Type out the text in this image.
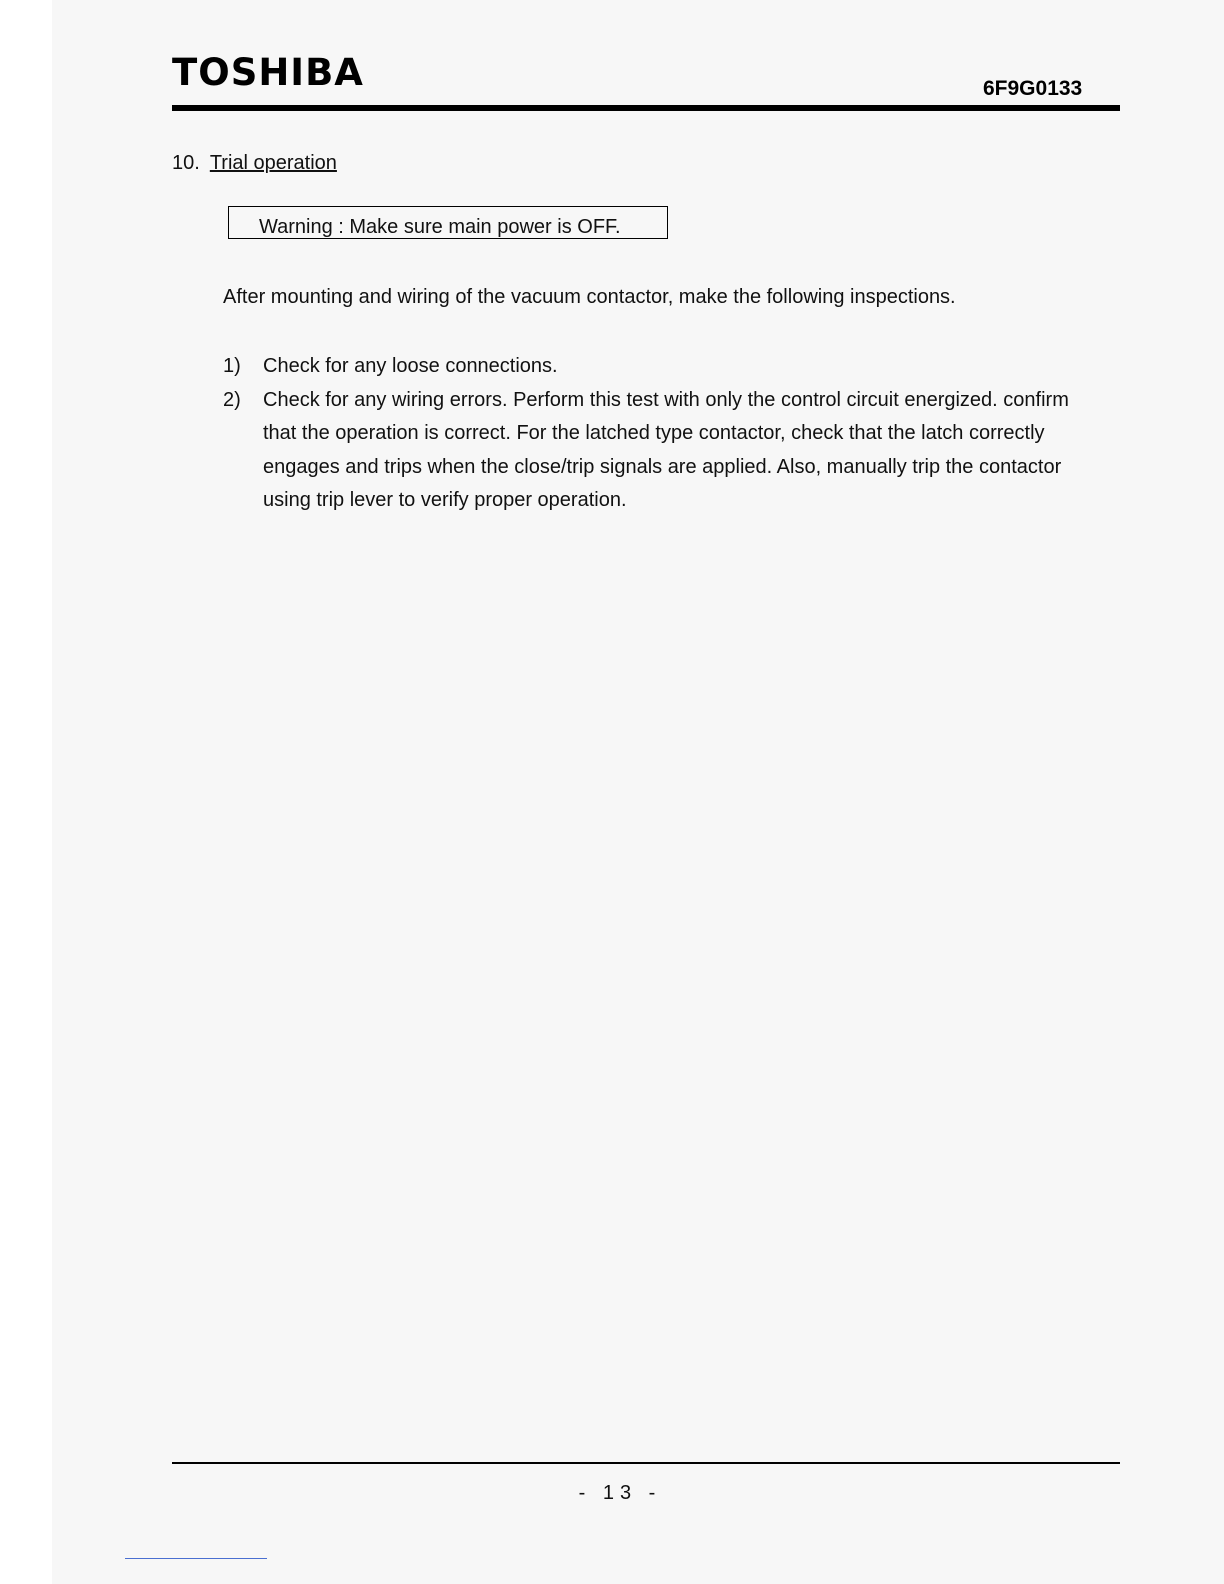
TOSHIBA	6F9G0133
10. Trial operation
Warning : Make sure main power is OFF.
After mounting and wiring of the vacuum contactor, make the following inspections.
1) Check for any loose connections.
2) Check for any wiring errors. Perform this test with only the control circuit energized. confirm that the operation is correct. For the latched type contactor, check that the latch correctly engages and trips when the close/trip signals are applied. Also, manually trip the contactor using trip lever to verify proper operation.
- 13 -
